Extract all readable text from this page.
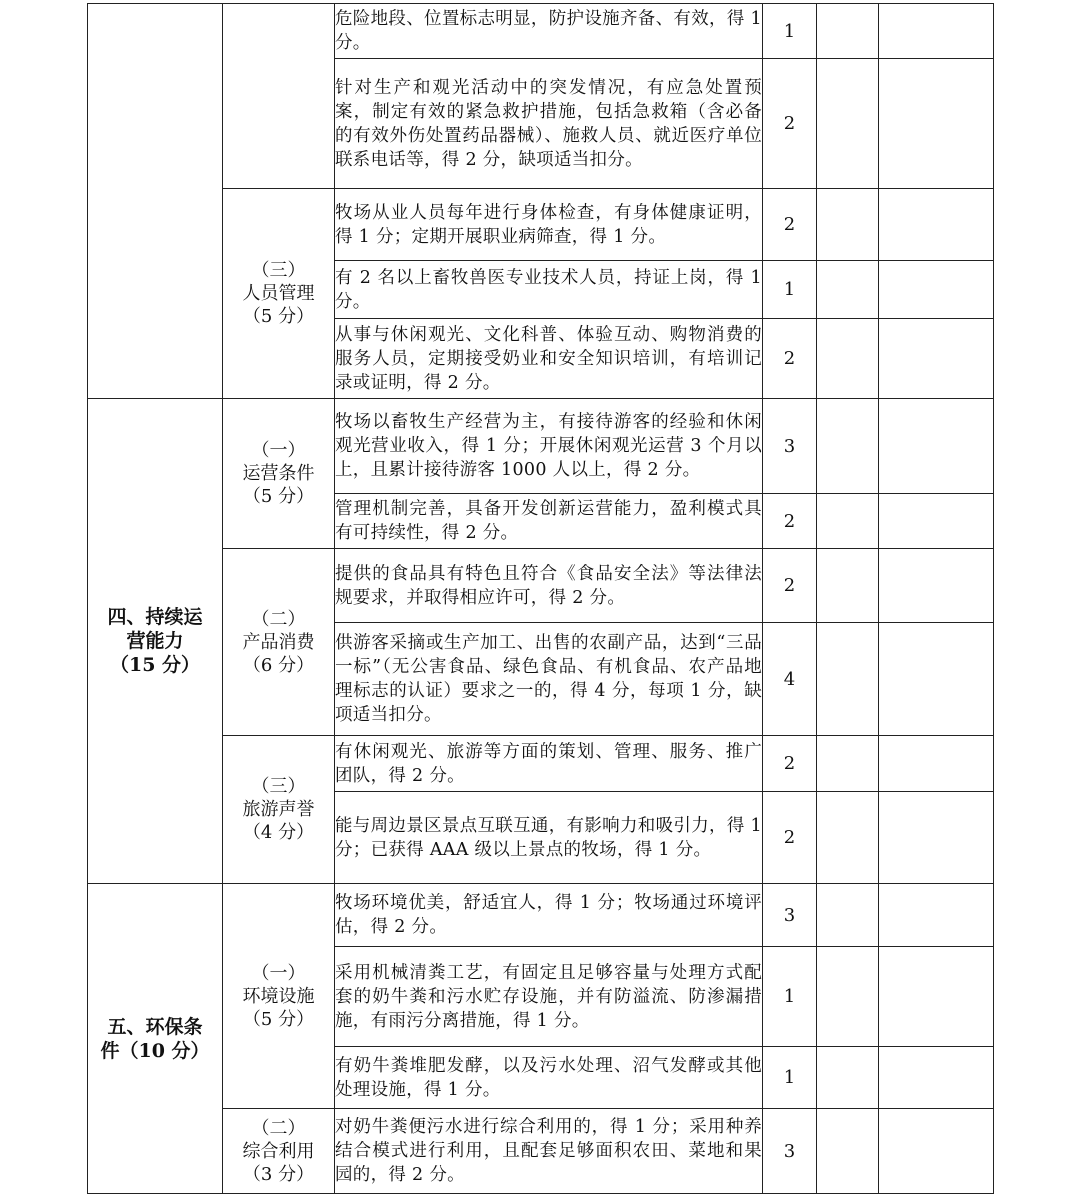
		危险地段、位置标志明显，防护设施齐备、有效，得 1 分。	1		
		针对生产和观光活动中的突发情况，有应急处置预案，制定有效的紧急救护措施，包括急救箱（含必备的有效外伤处置药品器械）、施救人员、就近医疗单位联系电话等，得 2 分，缺项适当扣分。	2		

	（三）
人员管理
（5 分）	牧场从业人员每年进行身体检查，有身体健康证明，得 1 分；定期开展职业病筛查，得 1 分。	2		
		有 2 名以上畜牧兽医专业技术人员，持证上岗，得 1 分。	1		
		从事与休闲观光、文化科普、体验互动、购物消费的服务人员，定期接受奶业和安全知识培训，有培训记录或证明，得 2 分。	2		

四、持续运
营能力
（15 分）	（一）
运营条件
（5 分）	牧场以畜牧生产经营为主，有接待游客的经验和休闲观光营业收入，得 1 分；开展休闲观光运营 3 个月以上，且累计接待游客 1000 人以上，得 2 分。	3		
		管理机制完善，具备开发创新运营能力，盈利模式具有可持续性，得 2 分。	2		

	（二）
产品消费
（6 分）	提供的食品具有特色且符合《食品安全法》等法律法规要求，并取得相应许可，得 2 分。	2		
		供游客采摘或生产加工、出售的农副产品，达到“三品一标”（无公害食品、绿色食品、有机食品、农产品地理标志的认证）要求之一的，得 4 分，每项 1 分，缺项适当扣分。	4		

	（三）
旅游声誉
（4 分）	有休闲观光、旅游等方面的策划、管理、服务、推广团队，得 2 分。	2		
		能与周边景区景点互联互通，有影响力和吸引力，得 1 分；已获得 AAA 级以上景点的牧场，得 1 分。	2		

五、环保条
件（10 分）	（一）
环境设施
（5 分）	牧场环境优美，舒适宜人，得 1 分；牧场通过环境评估，得 2 分。	3		
		采用机械清粪工艺，有固定且足够容量与处理方式配套的奶牛粪和污水贮存设施，并有防溢流、防渗漏措施，有雨污分离措施，得 1 分。	1		
		有奶牛粪堆肥发酵，以及污水处理、沼气发酵或其他处理设施，得 1 分。	1		

	（二）
综合利用
（3 分）	对奶牛粪便污水进行综合利用的，得 1 分；采用种养结合模式进行利用，且配套足够面积农田、菜地和果园的，得 2 分。	3		
